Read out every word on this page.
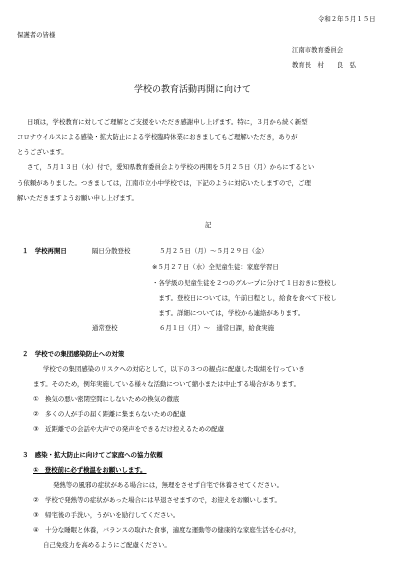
令和２年５月１５日
保護者の皆様
江南市教育委員会
教育長　村　　良　弘
学校の教育活動再開に向けて
日頃は，学校教育に対してご理解とご支援をいただき感謝申し上げます。特に，３月から続く新型
コロナウイルスによる感染・拡大防止による学校臨時休業におきましてもご理解いただき，ありが
とうございます。
さて，５月１３日（水）付で，愛知県教育委員会より学校の再開を５月２５日（月）からにするとい
う依頼がありました。つきましては，江南市立小中学校では，下記のように対応いたしますので，ご理
解いただきますようお願い申し上げます。
記
１　学校再開日	隔日分散登校	５月２５日（月）～５月２９日（金）
※５月２７日（水）全児童生徒：家庭学習日
・各学級の児童生徒を２つのグループに分けて１日おきに登校し
　ます。登校日については，午前日程とし，給食を食べて下校し
　ます。詳細については，学校から連絡があります。
通常登校	６月１日（月）～　通常日課，給食実施
２　学校での集団感染防止への対策
学校での集団感染のリスクへの対応として，以下の３つの観点に配慮した取組を行っていき
ます。そのため，例年実施している様々な活動について縮小または中止する場合があります。
①　換気の悪い密閉空間にしないための換気の徹底
②　多くの人が手の届く距離に集まらないための配慮
③　近距離での会話や大声での発声をできるだけ控えるための配慮
３　感染・拡大防止に向けてご家庭への協力依頼
①　登校前に必ず検温をお願いします。
発熱等の風邪の症状がある場合には，無理をさせず自宅で休養させてください。
②　学校で発熱等の症状があった場合には早退させますので，お迎えをお願いします。
③　帰宅後の手洗い，うがいを励行してください。
④　十分な睡眠と休養，バランスの取れた食事，適度な運動等の健康的な家庭生活を心がけ，
自己免疫力を高めるようにご配慮ください。
